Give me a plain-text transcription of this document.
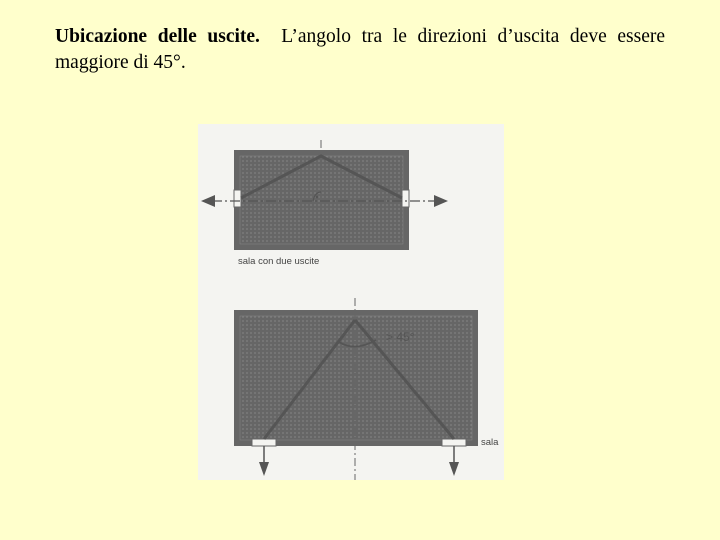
Ubicazione delle uscite. L’angolo tra le direzioni d’uscita deve essere maggiore di 45°.
sala con due uscite
> 45°
sala
